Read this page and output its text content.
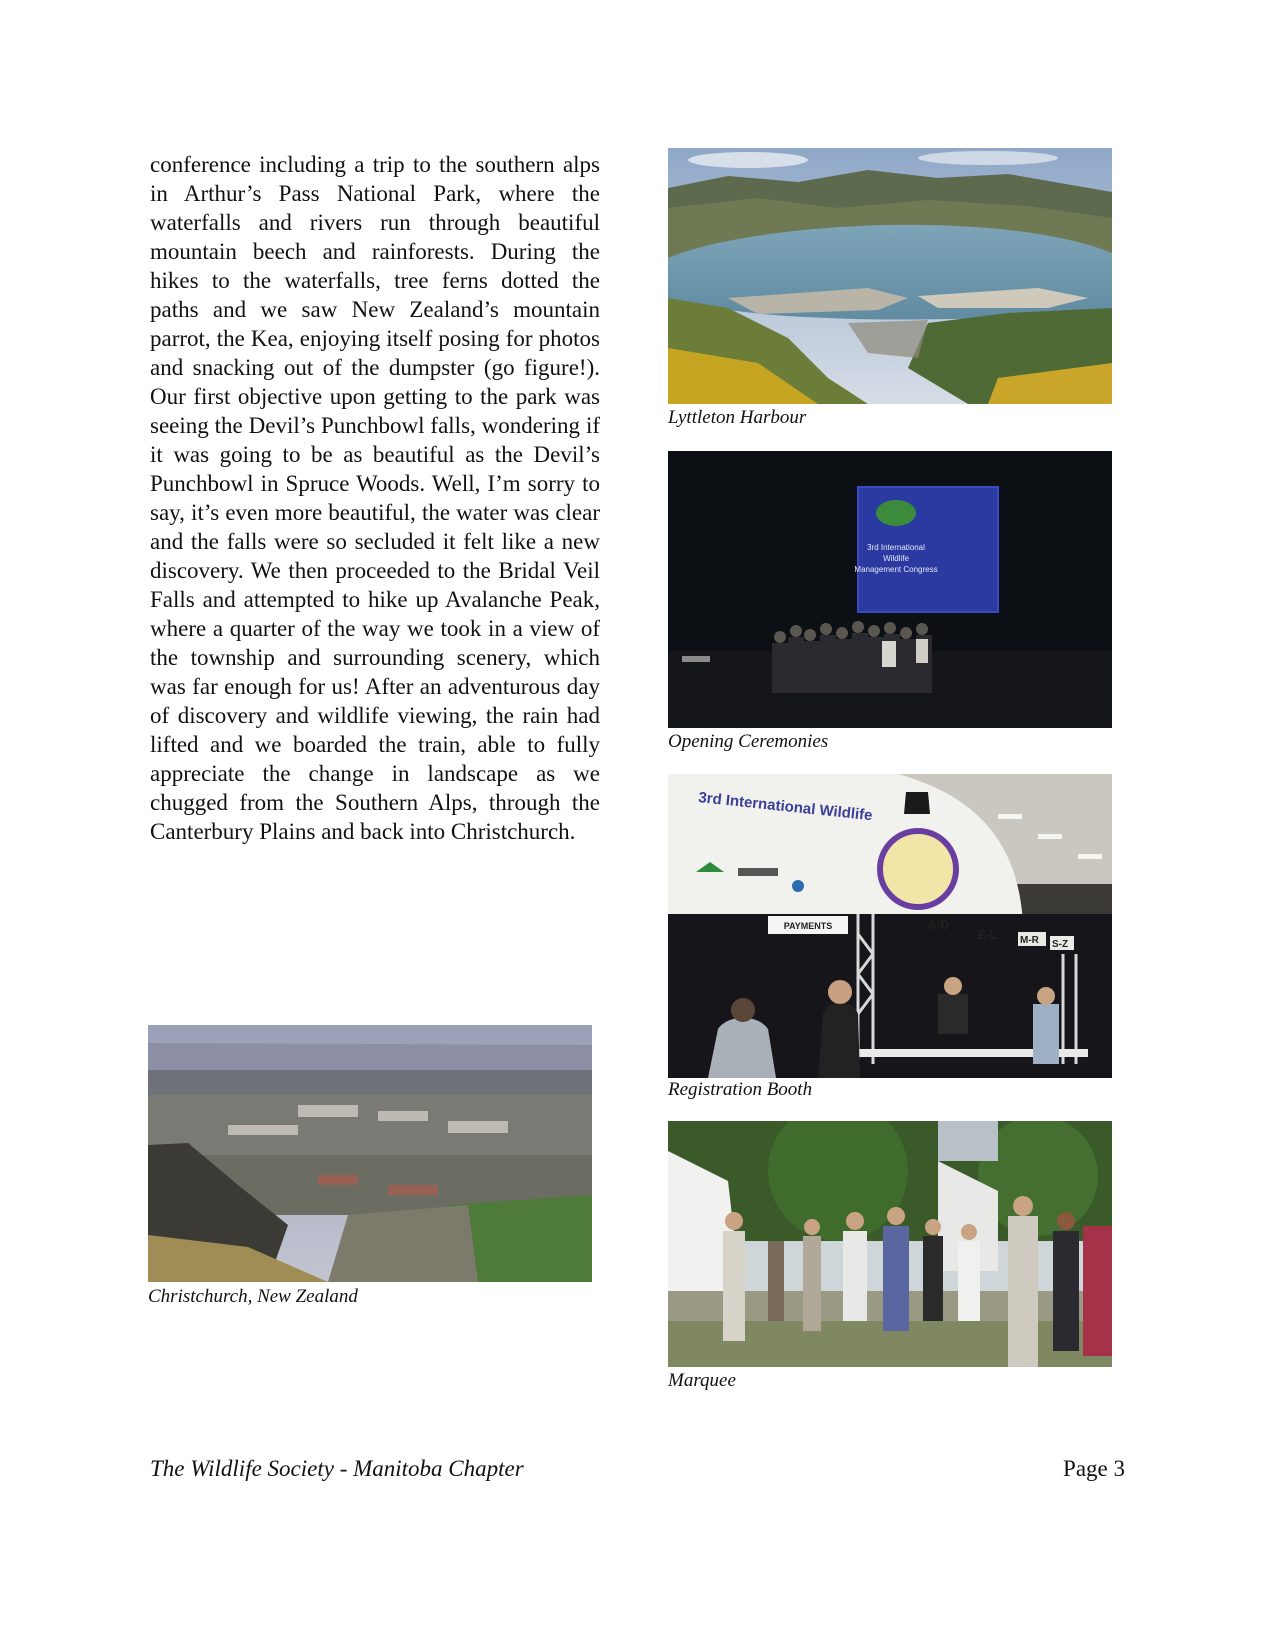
conference including a trip to the southern alps in Arthur’s Pass National Park, where the waterfalls and rivers run through beautiful mountain beech and rainforests. During the hikes to the waterfalls, tree ferns dotted the paths and we saw New Zealand’s mountain parrot, the Kea, enjoying itself posing for photos and snacking out of the dumpster (go figure!). Our first objective upon getting to the park was seeing the Devil’s Punchbowl falls, wondering if it was going to be as beautiful as the Devil’s Punchbowl in Spruce Woods. Well, I’m sorry to say, it’s even more beautiful, the water was clear and the falls were so secluded it felt like a new discovery. We then proceeded to the Bridal Veil Falls and attempted to hike up Avalanche Peak, where a quarter of the way we took in a view of the township and surrounding scenery, which was far enough for us! After an adventurous day of discovery and wildlife viewing, the rain had lifted and we boarded the train, able to fully appreciate the change in landscape as we chugged from the Southern Alps, through the Canterbury Plains and back into Christchurch.

Lyttleton Harbour

3rd International
Wildlife
Management Congress

Opening Ceremonies

3rd International Wildlife
PAYMENTS	A-D
E-L M-R S-Z

Registration Booth

Christchurch, New Zealand

Marquee

The Wildlife Society - Manitoba Chapter	Page 3
